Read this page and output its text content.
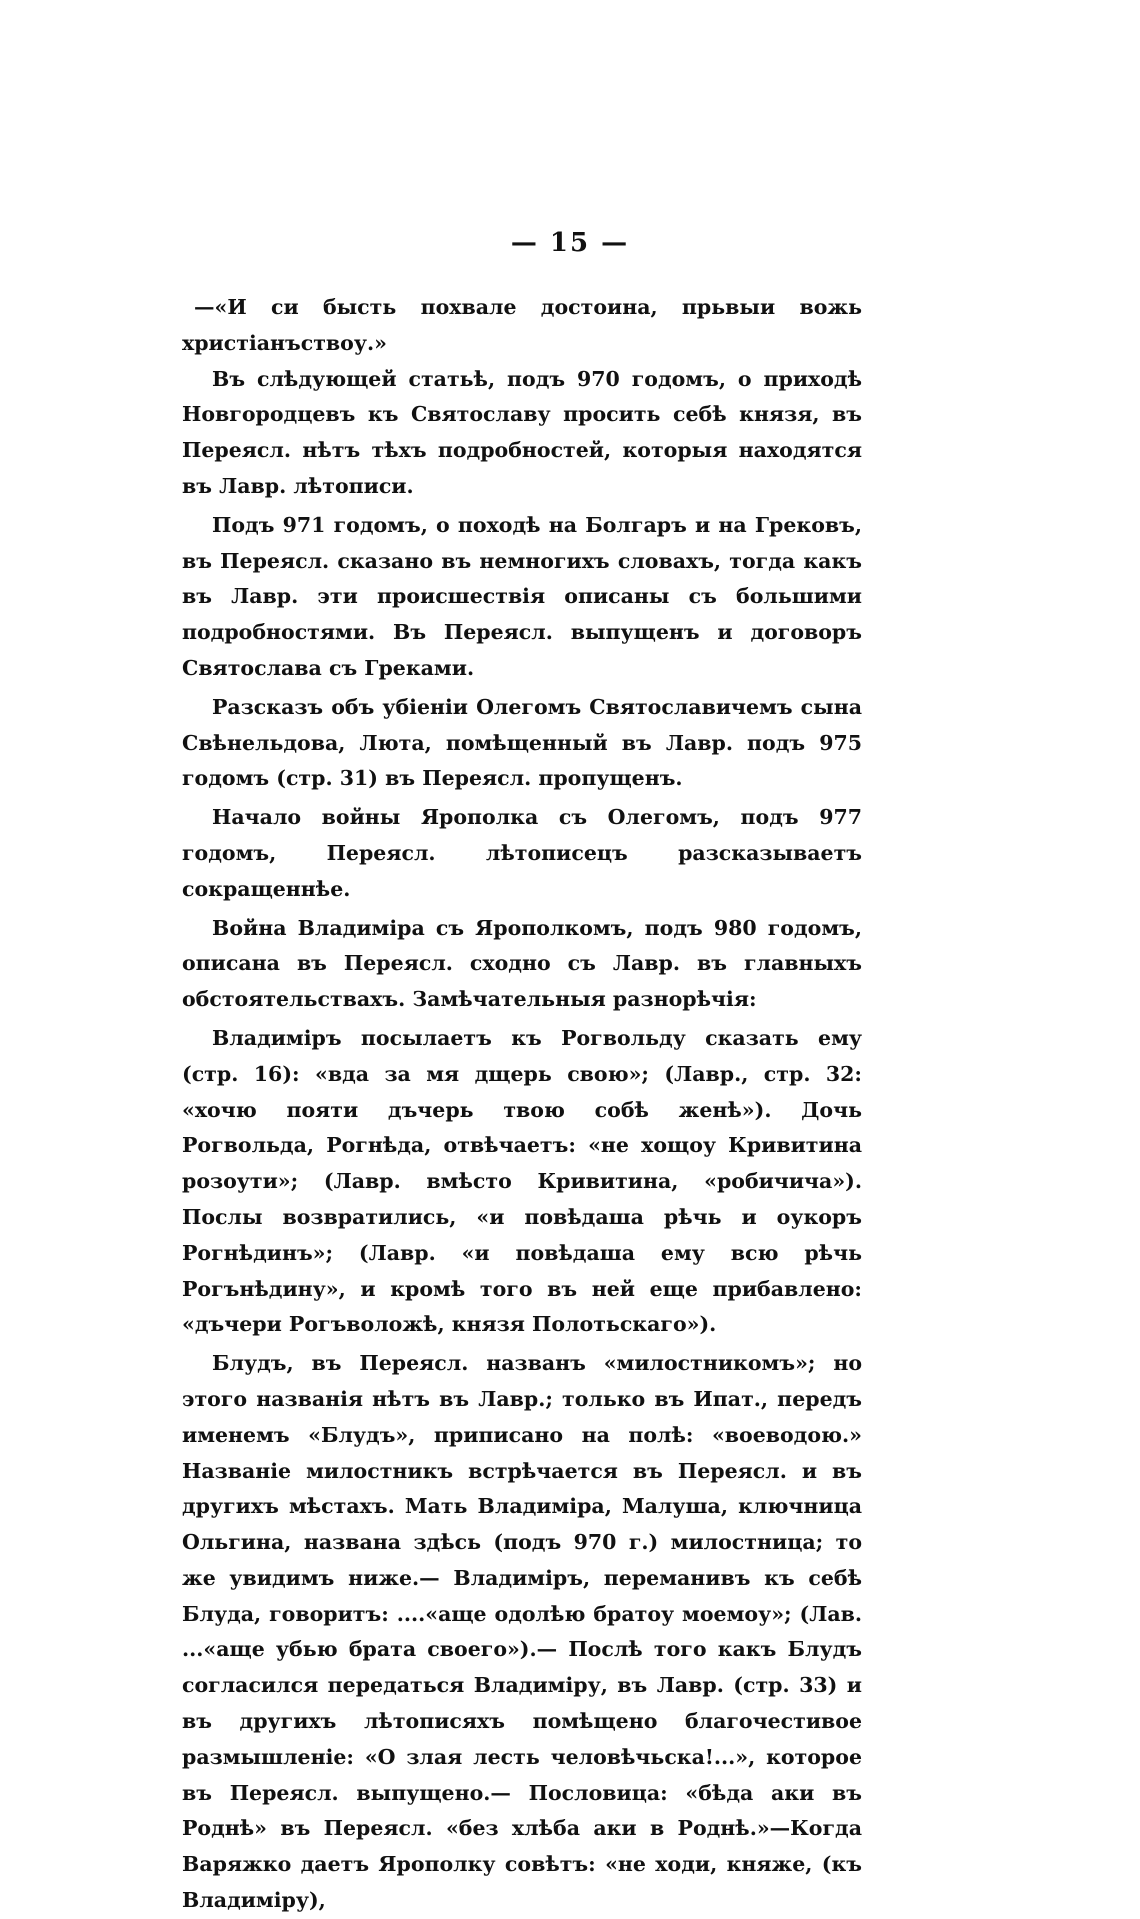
— 15 —

—«И си бысть похвале достоина, прьвыи вожь христіанъствоу.»

Въ слѣдующей статьѣ, подъ 970 годомъ, о приходѣ Новгородцевъ къ Святославу просить себѣ князя, въ Переясл. нѣтъ тѣхъ подробностей, которыя находятся въ Лавр. лѣтописи.

Подъ 971 годомъ, о походѣ на Болгаръ и на Грековъ, въ Переясл. сказано въ немногихъ словахъ, тогда какъ въ Лавр. эти происшествія описаны съ большими подробностями. Въ Переясл. выпущенъ и договоръ Святослава съ Греками.

Разсказъ объ убіеніи Олегомъ Святославичемъ сына Свѣнельдова, Люта, помѣщенный въ Лавр. подъ 975 годомъ (стр. 31) въ Переясл. пропущенъ.

Начало войны Ярополка съ Олегомъ, подъ 977 годомъ, Переясл. лѣтописецъ разсказываетъ сокращеннѣе.

Война Владиміра съ Ярополкомъ, подъ 980 годомъ, описана въ Переясл. сходно съ Лавр. въ главныхъ обстоятельствахъ. Замѣчательныя разнорѣчія:

Владиміръ посылаетъ къ Рогвольду сказать ему (стр. 16): «вда за мя дщерь свою»; (Лавр., стр. 32: «хочю пояти дъчерь твою собѣ женѣ»). Дочь Рогвольда, Рогнѣда, отвѣчаетъ: «не хощоу Кривитина розоути»; (Лавр. вмѣсто Кривитина, «робичича»). Послы возвратились, «и повѣдаша рѣчь и оукоръ Рогнѣдинъ»; (Лавр. «и повѣдаша ему всю рѣчь Рогънѣдину», и кромѣ того въ ней еще прибавлено: «дъчери Рогъволожѣ, князя Полотьскаго»).

Блудъ, въ Переясл. названъ «милостникомъ»; но этого названія нѣтъ въ Лавр.; только въ Ипат., передъ именемъ «Блудъ», приписано на полѣ: «воеводою.» Названіе милостникъ встрѣчается въ Переясл. и въ другихъ мѣстахъ. Мать Владиміра, Малуша, ключница Ольгина, названа здѣсь (подъ 970 г.) милостница; то же увидимъ ниже.— Владиміръ, переманивъ къ себѣ Блуда, говоритъ: ....«аще одолѣю братоу моемоу»; (Лав. ...«аще убью брата своего»).— Послѣ того какъ Блудъ согласился передаться Владиміру, въ Лавр. (стр. 33) и въ другихъ лѣтописяхъ помѣщено благочестивое размышленіе: «О злая лесть человѣчьска!...», которое въ Переясл. выпущено.— Пословица: «бѣда аки въ Роднѣ» въ Переясл. «без хлѣба аки в Роднѣ.»—Когда Варяжко даетъ Ярополку совѣтъ: «не ходи, княже, (къ Владиміру),
